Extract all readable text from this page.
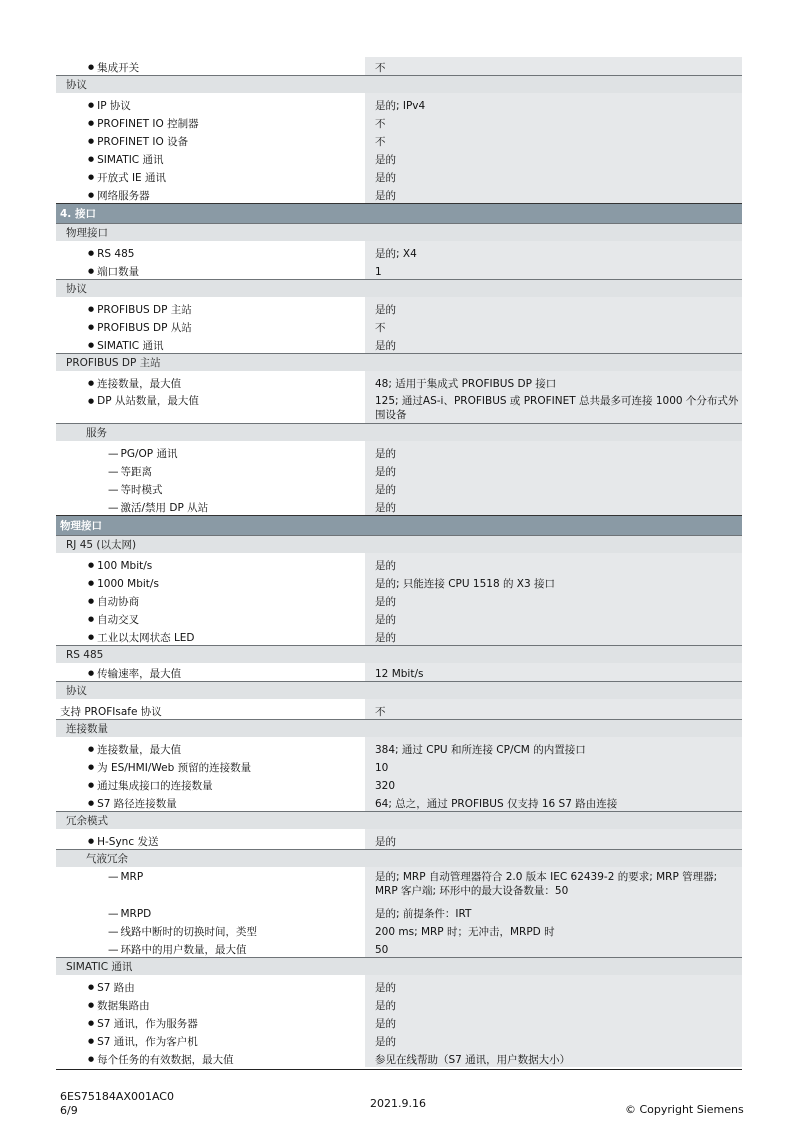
● 集成开关	不
协议
● IP 协议	是的; IPv4
● PROFINET IO 控制器	不
● PROFINET IO 设备	不
● SIMATIC 通讯	是的
● 开放式 IE 通讯	是的
● 网络服务器	是的
4. 接口
物理接口
● RS 485	是的; X4
● 端口数量	1
协议
● PROFIBUS DP 主站	是的
● PROFIBUS DP 从站	不
● SIMATIC 通讯	是的
PROFIBUS DP 主站
● 连接数量，最大值	48; 适用于集成式 PROFIBUS DP 接口
● DP 从站数量，最大值	125; 通过AS-i、PROFIBUS 或 PROFINET 总共最多可连接 1000 个分布式外围设备
服务
— PG/OP 通讯	是的
— 等距离	是的
— 等时模式	是的
— 激活/禁用 DP 从站	是的
物理接口
RJ 45 (以太网)
● 100 Mbit/s	是的
● 1000 Mbit/s	是的; 只能连接 CPU 1518 的 X3 接口
● 自动协商	是的
● 自动交叉	是的
● 工业以太网状态 LED	是的
RS 485
● 传输速率，最大值	12 Mbit/s
协议
支持 PROFIsafe 协议	不
连接数量
● 连接数量，最大值	384; 通过 CPU 和所连接 CP/CM 的内置接口
● 为 ES/HMI/Web 预留的连接数量	10
● 通过集成接口的连接数量	320
● S7 路径连接数量	64; 总之，通过 PROFIBUS 仅支持 16 S7 路由连接
冗余模式
● H-Sync 发送	是的
气液冗余
— MRP	是的; MRP 自动管理器符合 2.0 版本 IEC 62439-2 的要求; MRP 管理器; MRP 客户端; 环形中的最大设备数量：50
— MRPD	是的; 前提条件：IRT
— 线路中断时的切换时间，类型	200 ms; MRP 时；无冲击，MRPD 时
— 环路中的用户数量，最大值	50
SIMATIC 通讯
● S7 路由	是的
● 数据集路由	是的
● S7 通讯，作为服务器	是的
● S7 通讯，作为客户机	是的
● 每个任务的有效数据，最大值	参见在线帮助（S7 通讯，用户数据大小）
6ES75184AX001AC0
6/9
2021.9.16	© Copyright Siemens
